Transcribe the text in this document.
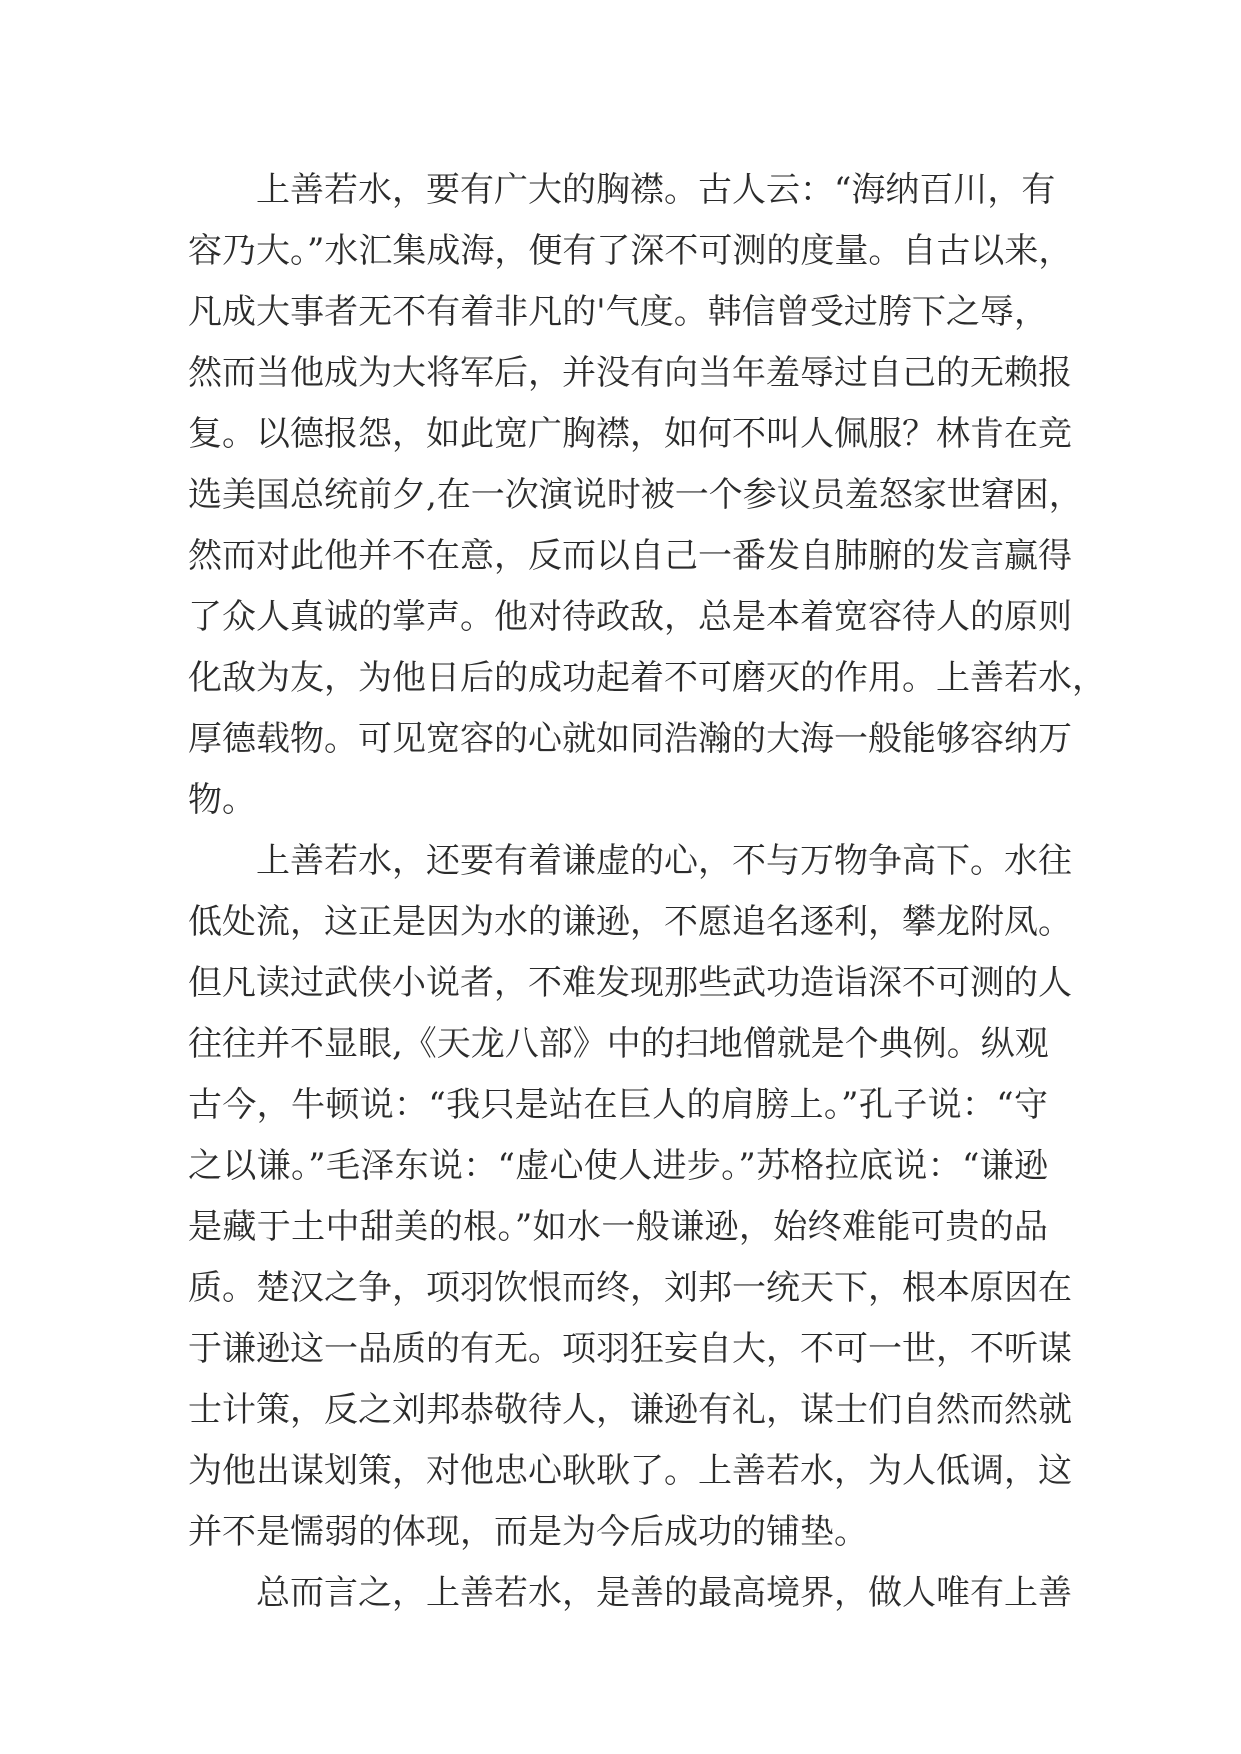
上善若水，要有广大的胸襟。古人云：“海纳百川，有
容乃大。”水汇集成海，便有了深不可测的度量。自古以来，
凡成大事者无不有着非凡的'气度。韩信曾受过胯下之辱，
然而当他成为大将军后，并没有向当年羞辱过自己的无赖报
复。以德报怨，如此宽广胸襟，如何不叫人佩服？林肯在竞
选美国总统前夕,在一次演说时被一个参议员羞怒家世窘困，
然而对此他并不在意，反而以自己一番发自肺腑的发言赢得
了众人真诚的掌声。他对待政敌，总是本着宽容待人的原则
化敌为友，为他日后的成功起着不可磨灭的作用。上善若水，
厚德载物。可见宽容的心就如同浩瀚的大海一般能够容纳万
物。
上善若水，还要有着谦虚的心，不与万物争高下。水往
低处流，这正是因为水的谦逊，不愿追名逐利，攀龙附凤。
但凡读过武侠小说者，不难发现那些武功造诣深不可测的人
往往并不显眼,《天龙八部》中的扫地僧就是个典例。纵观
古今，牛顿说：“我只是站在巨人的肩膀上。”孔子说：“守
之以谦。”毛泽东说：“虚心使人进步。”苏格拉底说：“谦逊
是藏于土中甜美的根。”如水一般谦逊，始终难能可贵的品
质。楚汉之争，项羽饮恨而终，刘邦一统天下，根本原因在
于谦逊这一品质的有无。项羽狂妄自大，不可一世，不听谋
士计策，反之刘邦恭敬待人，谦逊有礼，谋士们自然而然就
为他出谋划策，对他忠心耿耿了。上善若水，为人低调，这
并不是懦弱的体现，而是为今后成功的铺垫。
总而言之，上善若水，是善的最高境界，做人唯有上善
